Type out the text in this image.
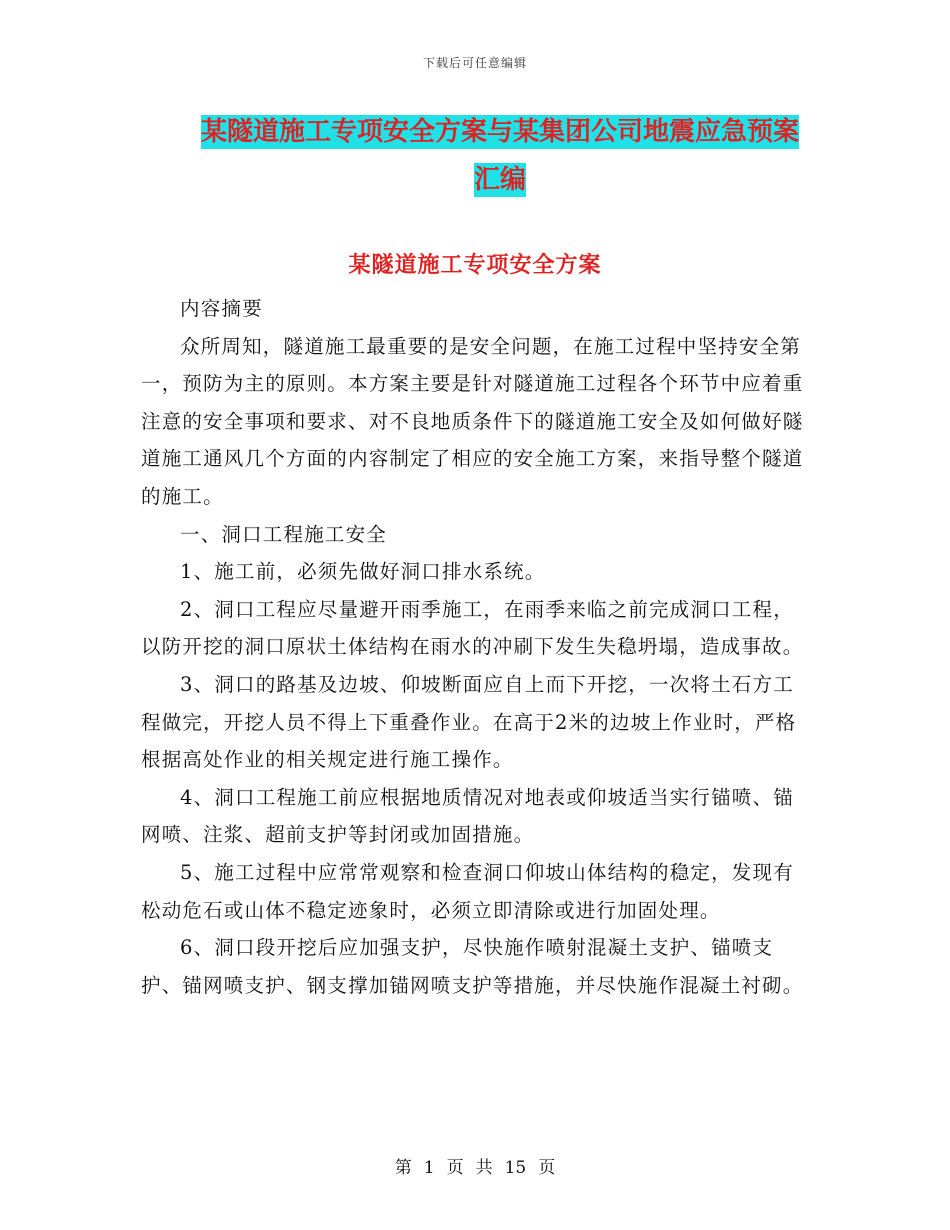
下载后可任意编辑
某隧道施工专项安全方案与某集团公司地震应急预案
汇编
某隧道施工专项安全方案

内容摘要

众所周知，隧道施工最重要的是安全问题，在施工过程中坚持安全第一，预防为主的原则。本方案主要是针对隧道施工过程各个环节中应着重注意的安全事项和要求、对不良地质条件下的隧道施工安全及如何做好隧道施工通风几个方面的内容制定了相应的安全施工方案，来指导整个隧道的施工。

一、洞口工程施工安全

1、施工前，必须先做好洞口排水系统。

2、洞口工程应尽量避开雨季施工，在雨季来临之前完成洞口工程，以防开挖的洞口原状土体结构在雨水的冲刷下发生失稳坍塌，造成事故。

3、洞口的路基及边坡、仰坡断面应自上而下开挖，一次将土石方工程做完，开挖人员不得上下重叠作业。在高于2米的边坡上作业时，严格根据高处作业的相关规定进行施工操作。

4、洞口工程施工前应根据地质情况对地表或仰坡适当实行锚喷、锚网喷、注浆、超前支护等封闭或加固措施。

5、施工过程中应常常观察和检查洞口仰坡山体结构的稳定，发现有松动危石或山体不稳定迹象时，必须立即清除或进行加固处理。

6、洞口段开挖后应加强支护，尽快施作喷射混凝土支护、锚喷支护、锚网喷支护、钢支撑加锚网喷支护等措施，并尽快施作混凝土衬砌。

第 1 页 共 15 页
